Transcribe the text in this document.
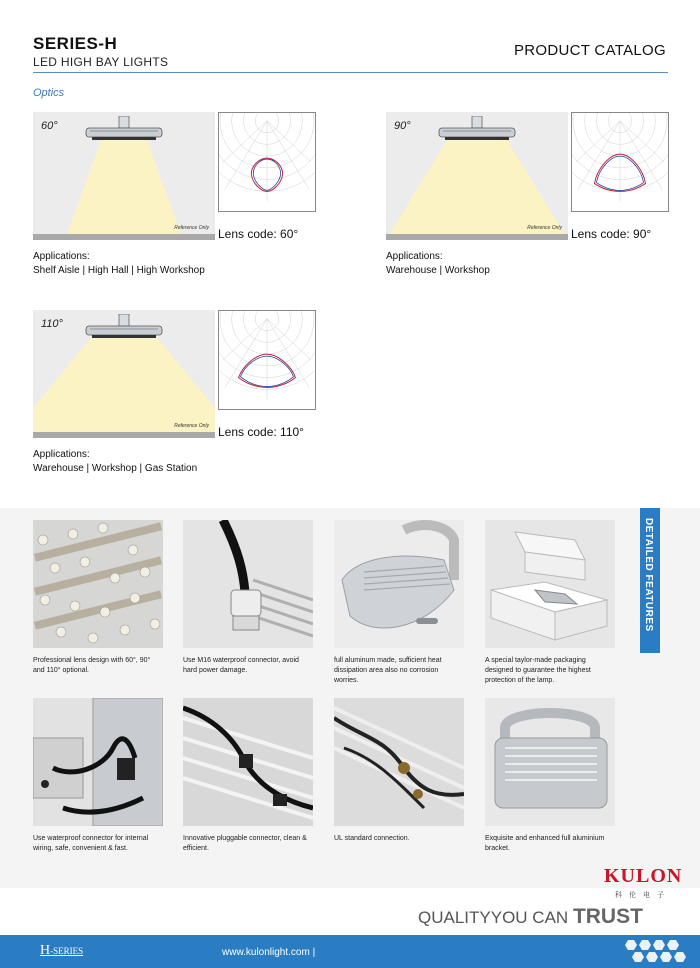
SERIES-H
LED HIGH BAY LIGHTS
PRODUCT CATALOG
Optics
60°
Reference Only Lens code: 60°
Applications:
Shelf Aisle | High Hall | High Workshop
90°
Reference Only Lens code: 90°
Applications:
Warehouse | Workshop
110°
Reference Only Lens code: 110°
Applications:
Warehouse | Workshop | Gas Station
DETAILED FEATURES
Professional lens design with 60°, 90° and 110° optional.
Use M16 waterproof connector, avoid hard power damage.
full aluminum made, sufficient heat dissipation area also no corrosion worries.
A special taylor-made packaging designed to guarantee the highest protection of the lamp.
Use waterproof connector for internal wiring, safe, convenient & fast.
Innovative pluggable connector, clean & efficient.
UL standard connection.	Exquisite and enhanced full aluminium bracket.
KULON
科伦电子
QUALITYYOU CAN TRUST
H-SERIES	www.kulonlight.com |
